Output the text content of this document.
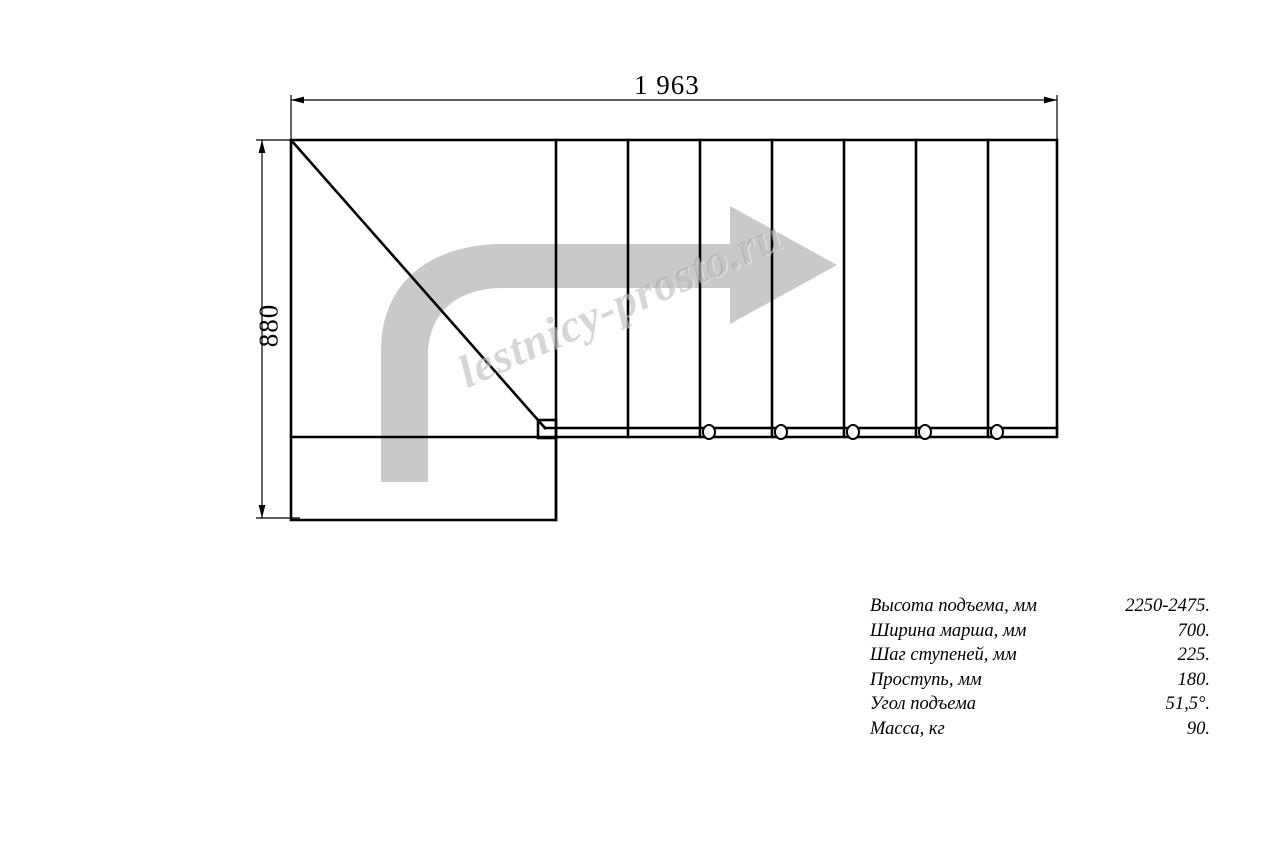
1 963
880	lestnicy-prosto.ru
Высота подъема, мм	2250-2475.
Ширина марша, мм	700.
Шаг ступеней, мм	225.
Проступь, мм	180.
Угол подъема	51,5°.
Масса, кг	90.
